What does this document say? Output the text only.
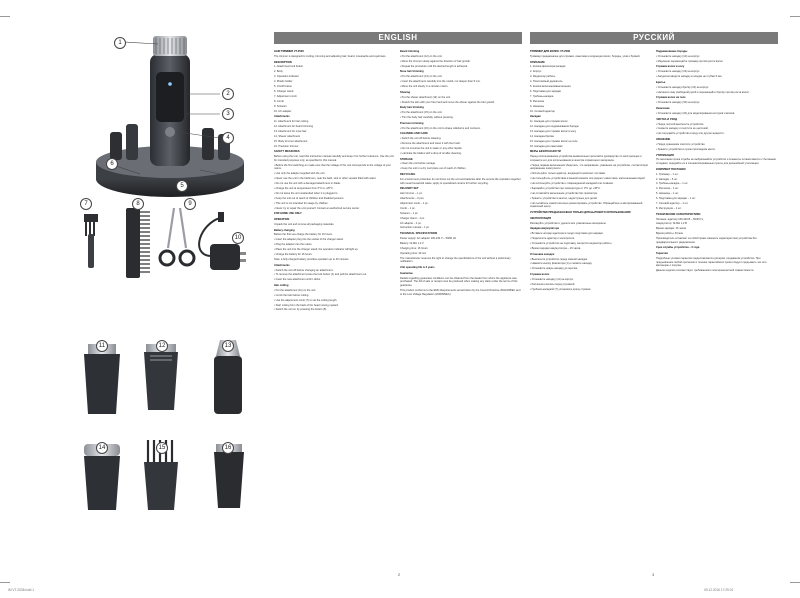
1
2
3
4
5
6
7	8	9
10
11	12	13
14	15	16
ENGLISH	РУССКИЙ

HAIR TRIMMER VT-2538

The trimmer is designed for cutting, trimming and adjusting hair, beard, moustache and eyebrows.

DESCRIPTION

1. Attachment lock button

2. Body

3. Operation indicator

4. Plastic holder

5. On/off button

6. Charger stand

7. Adjustment comb

8. Comb

9. Scissors

10. AC adapter

Attachments

11. Attachment for hair cutting

12. Attachment for beard trimming

13. Attachment for nose hair

14. Shaver attachment

15. Body trimmer attachment

16. Precision trimmer

SAFETY MEASURES

Before using the unit, read this instruction manual carefully and keep it for further reference. Use the unit for intended purposes only, as specified in this manual.

• Before the first switching-on make sure that the voltage of the unit corresponds to the voltage of your mains.

• Use only the adapter supplied with the unit.

• Never use the unit in the bathroom, near the bath, sink or other vessels filled with water.

• Do not use the unit with a damaged attachment or blade.

• Charge the unit at temperature from 0°C to +35°C.

• Do not leave the unit unattended when it is plugged in.

• Keep the unit out of reach of children and disabled persons.

• This unit is not intended for usage by children.

• Never try to repair the unit yourself. Contact an authorized service center.

FOR HOME USE ONLY

OPERATION

Unpack the unit and remove all packaging materials.

Battery charging

Before the first use charge the battery for 16 hours.

• Insert the adapter plug into the socket of the charger stand.

• Plug the adapter into the mains.

• Place the unit into the charger stand; the operation indicator will light up.

• Charge the battery for 16 hours.

Note: a fully charged battery provides operation up to 40 minutes.

Attachments

• Switch the unit off before changing an attachment.

• To remove the attachment press the lock button (1) and pull the attachment out.

• Insert the new attachment until it clicks.

Hair cutting

• Put the attachment (11) on the unit.

• Comb the hair before cutting.

• Use the adjustment comb (7) to set the cutting length.

• Start cutting from the back of the head moving upward.

• Switch the unit on by pressing the button (5).

Beard trimming

• Put the attachment (12) on the unit.

• Move the trimmer slowly against the direction of hair growth.

• Repeat the procedure until the desired length is achieved.

Nose hair trimming

• Put the attachment (13) on the unit.

• Insert the attachment carefully into the nostril, not deeper than 5 mm.

• Move the unit slowly in a circular motion.

Shaving

• Put the shaver attachment (14) on the unit.

• Stretch the skin with your free hand and move the shaver against the hair growth.

Body hair trimming

• Put the attachment (15) on the unit.

• Trim the body hair carefully, without pressing.

Precision trimming

• Put the attachment (16) on the unit to shape sideburns and contours.

CLEANING AND CARE

• Switch the unit off before cleaning.

• Remove the attachment and clean it with the brush.

• Do not immerse the unit in water or any other liquids.

• Lubricate the blades with a drop of oil after cleaning.

STORAGE

• Clean the unit before storage.

• Keep the unit in a dry cool place out of reach of children.

RECYCLING

For environment protection do not throw out the unit and batteries after the service life expiration together with usual household waste; apply to specialized centers for further recycling.

DELIVERY SET

Hair trimmer – 1 pc.

Attachments – 6 pcs.

Adjustment comb – 1 pc.

Comb – 1 pc.

Scissors – 1 pc.

Charger stand – 1 pc.

AC adapter – 1 pc.

Instruction manual – 1 pc.

TECHNICAL SPECIFICATIONS

Power supply: AC adapter 100-240 V ~ 50/60 Hz

Battery: Ni-MH 1.2 V

Charging time: 16 hours

Operating time: 40 min

The manufacturer reserves the right to change the specifications of the unit without a preliminary notification.

Unit operating life is 3 years

Guarantee

Details regarding guarantee conditions can be obtained from the dealer from whom the appliance was purchased. The bill of sale or receipt must be produced when making any claim under the terms of this guarantee.

This product conforms to the EMC-Requirements as laid down by the Council Directive 2004/108/EC and to the Low Voltage Regulation (2006/95/EC).

ТРИММЕР ДЛЯ ВОЛОС VT-2538

Триммер предназначен для стрижки, окантовки и коррекции волос, бороды, усов и бровей.

ОПИСАНИЕ

1. Кнопка фиксатора насадки

2. Корпус

3. Индикатор работы

4. Пластиковый держатель

5. Кнопка включения/выключения

6. Подставка для зарядки

7. Гребень-насадка

8. Расческа

9. Ножницы

10. Сетевой адаптер

Насадки

11. Насадка для стрижки волос

12. Насадка для подравнивания бороды

13. Насадка для стрижки волос в носу

14. Насадка-бритва

15. Насадка для стрижки волос на теле

16. Насадка для окантовки

МЕРЫ БЕЗОПАСНОСТИ

Перед использованием устройства внимательно прочитайте руководство по эксплуатации и сохраните его для использования в качестве справочного материала.

• Перед первым включением убедитесь, что напряжение, указанное на устройстве, соответствует напряжению электросети.

• Используйте только адаптер, входящий в комплект поставки.

• Не пользуйтесь устройством в ванной комнате или рядом с емкостями, наполненными водой.

• Не используйте устройство с поврежденной насадкой или лезвием.

• Заряжайте устройство при температуре от 0°C до +35°C.

• Не оставляйте включенное устройство без присмотра.

• Храните устройство в местах, недоступных для детей.

• Не пытайтесь самостоятельно ремонтировать устройство. Обращайтесь в авторизованный сервисный центр.

УСТРОЙСТВО ПРЕДНАЗНАЧЕНО ТОЛЬКО ДЛЯ БЫТОВОГО ИСПОЛЬЗОВАНИЯ

ЭКСПЛУАТАЦИЯ

Распакуйте устройство и удалите все упаковочные материалы.

Зарядка аккумулятора

• Вставьте штекер адаптера в гнездо подставки для зарядки.

• Подключите адаптер к электросети.

• Установите устройство на подставку, загорится индикатор работы.

• Время зарядки аккумулятора – 16 часов.

Установка насадок

• Выключите устройство перед сменой насадки.

• Нажмите кнопку фиксатора (1) и снимите насадку.

• Установите новую насадку до щелчка.

Стрижка волос

• Установите насадку (11) на корпус.

• Расчешите волосы перед стрижкой.

• Гребнем-насадкой (7) установите длину стрижки.

Подравнивание бороды

• Установите насадку (12) на корпус.

• Медленно перемещайте триммер против роста волос.

Стрижка волос в носу

• Установите насадку (13) на корпус.

• Аккуратно вводите насадку в ноздрю не глубже 5 мм.

Бритье

• Установите насадку-бритву (14) на корпус.

• Натяните кожу свободной рукой и перемещайте бритву против роста волос.

Стрижка волос на теле

• Установите насадку (15) на корпус.

Окантовка

• Установите насадку (16) для моделирования контуров и висков.

ЧИСТКА И УХОД

• Перед чисткой выключите устройство.

• Снимите насадку и очистите ее щеточкой.

• Не погружайте устройство в воду или другие жидкости.

ХРАНЕНИЕ

• Перед хранением очистите устройство.

• Храните устройство в сухом прохладном месте.

УТИЛИЗАЦИЯ

По окончании срока службы не выбрасывайте устройство и элементы питания вместе с бытовыми отходами, передайте их в специализированные пункты для дальнейшей утилизации.

КОМПЛЕКТ ПОСТАВКИ

1. Триммер – 1 шт.

2. Насадки – 6 шт.

3. Гребень-насадка – 1 шт.

4. Расческа – 1 шт.

5. Ножницы – 1 шт.

6. Подставка для зарядки – 1 шт.

7. Сетевой адаптер – 1 шт.

8. Инструкция – 1 шт.

ТЕХНИЧЕСКИЕ ХАРАКТЕРИСТИКИ

Питание: адаптер 100-240 В ~ 50/60 Гц

Аккумулятор: Ni-MH 1,2 В

Время зарядки: 16 часов

Время работы: 40 мин

Производитель оставляет за собой право изменять характеристики устройства без предварительного уведомления.

Срок службы устройства – 3 года

Гарантия

Подробные условия гарантии предоставляются дилером, продавшим устройство. При предъявлении любой претензии в течение гарантийного срока следует предъявить чек или квитанцию о покупке.

Данное изделие соответствует требованиям к электромагнитной совместимости.

2	3
IM VT-2538.indd 1	09.12.2016 17:29:01
